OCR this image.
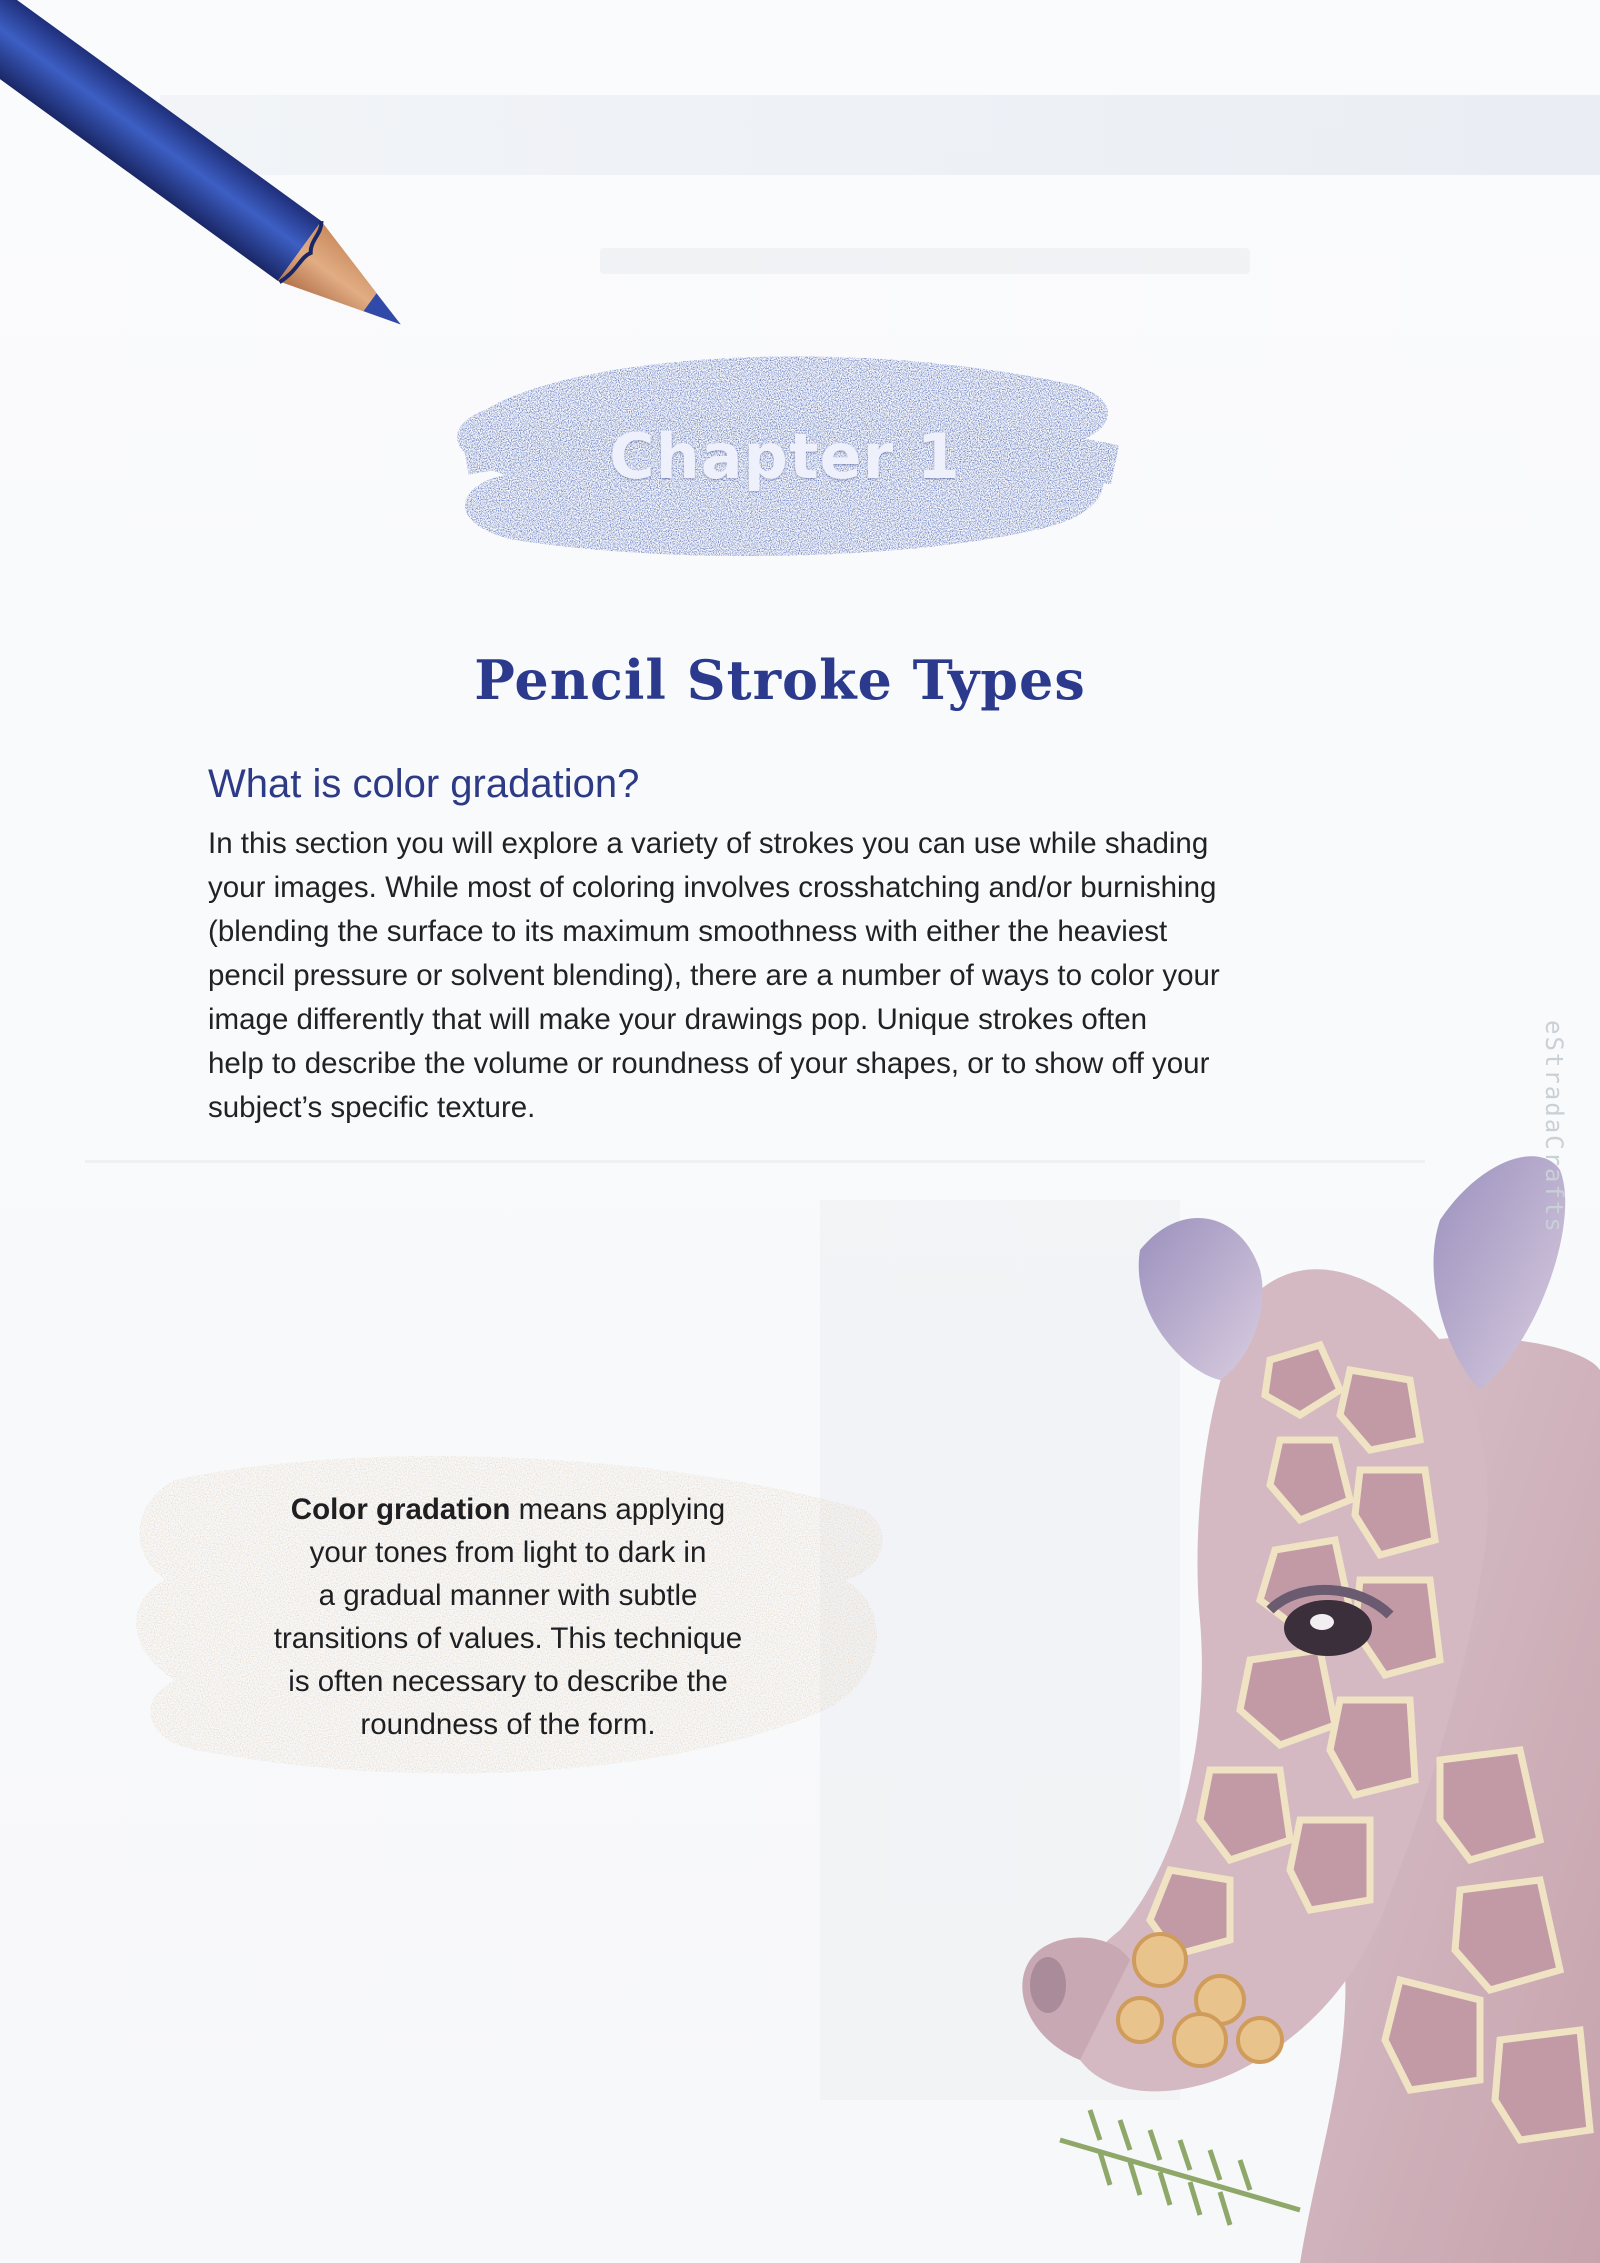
Chapter 1
Pencil Stroke Types
What is color gradation?
In this section you will explore a variety of strokes you can use while shading
your images. While most of coloring involves crosshatching and/or burnishing
(blending the surface to its maximum smoothness with either the heaviest
pencil pressure or solvent blending), there are a number of ways to color your
image differently that will make your drawings pop. Unique strokes often
help to describe the volume or roundness of your shapes, or to show off your
subject’s specific texture.
Color gradation means applying
your tones from light to dark in
a gradual manner with subtle
transitions of values. This technique
is often necessary to describe the
roundness of the form.
eStradaCrafts
